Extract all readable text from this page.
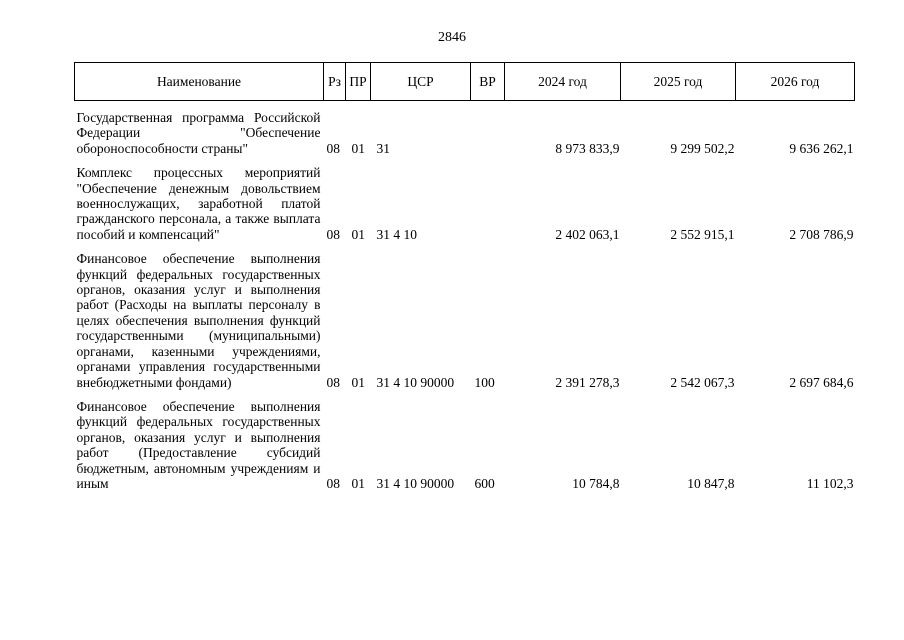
2846
Наименование	Рз	ПР	ЦСР	ВР	2024 год	2025 год	2026 год
Государственная программа Российской Федерации "Обеспечение обороноспособности страны"	08	01	31		8 973 833,9	9 299 502,2	9 636 262,1
Комплекс процессных мероприятий "Обеспечение денежным довольствием военнослужащих, заработной платой гражданского персонала, а также выплата пособий и компенсаций"	08	01	31 4 10		2 402 063,1	2 552 915,1	2 708 786,9
Финансовое обеспечение выполнения функций федеральных государственных органов, оказания услуг и выполнения работ (Расходы на выплаты персоналу в целях обеспечения выполнения функций государственными (муниципальными) органами, казенными учреждениями, органами управления государственными внебюджетными фондами)	08	01	31 4 10 90000	100	2 391 278,3	2 542 067,3	2 697 684,6
Финансовое обеспечение выполнения функций федеральных государственных органов, оказания услуг и выполнения работ (Предоставление субсидий бюджетным, автономным учреждениям и иным	08	01	31 4 10 90000	600	10 784,8	10 847,8	11 102,3
